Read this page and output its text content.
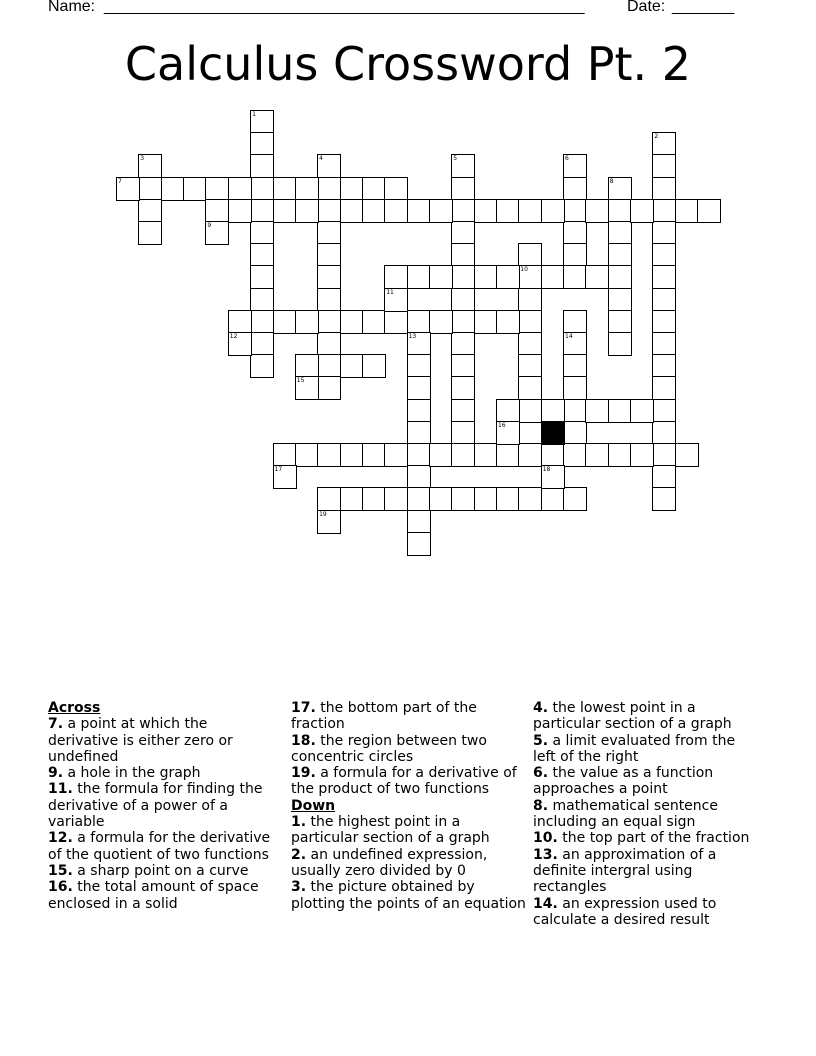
Name: ______________________________________________________	Date: _______
Calculus Crossword Pt. 2
1
2
3	4	5	6
7	8
9
10
11
12	13	14
15
16
17	18
19
Across
7. a point at which the derivative is either zero or undefined
9. a hole in the graph
11. the formula for finding the derivative of a power of a variable
12. a formula for the derivative of the quotient of two functions
15. a sharp point on a curve
16. the total amount of space enclosed in a solid
17. the bottom part of the fraction
18. the region between two concentric circles
19. a formula for a derivative of the product of two functions
Down
1. the highest point in a particular section of a graph
2. an undefined expression, usually zero divided by 0
3. the picture obtained by plotting the points of an equation
4. the lowest point in a particular section of a graph
5. a limit evaluated from the left of the right
6. the value as a function approaches a point
8. mathematical sentence including an equal sign
10. the top part of the fraction
13. an approximation of a definite intergral using rectangles
14. an expression used to calculate a desired result
